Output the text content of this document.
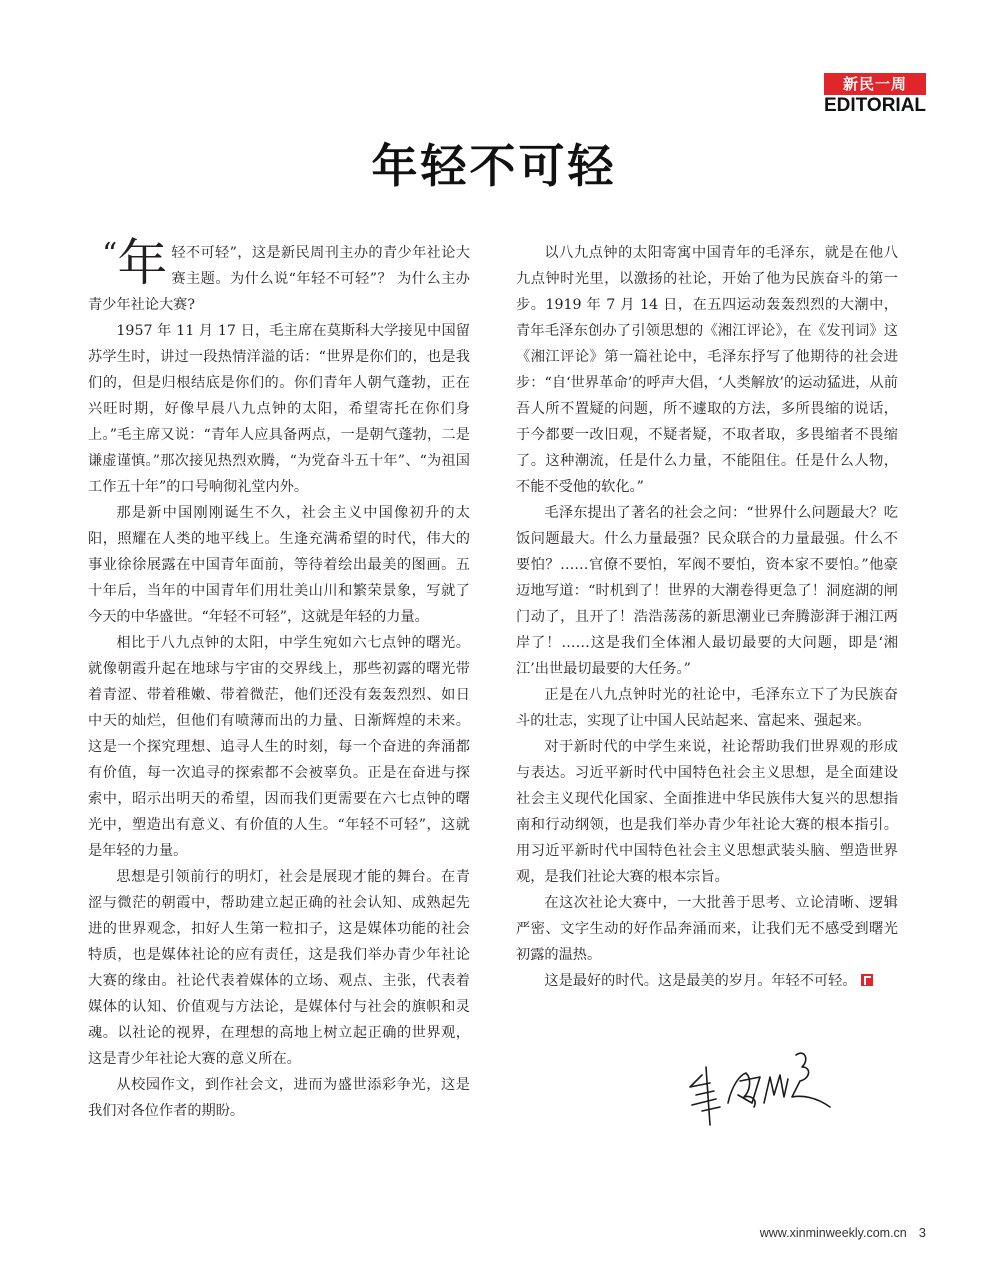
新民一周
EDITORIAL
年轻不可轻

“ 年 轻不可轻”，这是新民周刊主办的青少年社论大赛主题。为什么说“年轻不可轻”？ 为什么主办青少年社论大赛?

1957 年 11 月 17 日，毛主席在莫斯科大学接见中国留苏学生时，讲过一段热情洋溢的话：“世界是你们的，也是我们的，但是归根结底是你们的。你们青年人朝气蓬勃，正在兴旺时期，好像早晨八九点钟的太阳，希望寄托在你们身上。”毛主席又说：“青年人应具备两点，一是朝气蓬勃，二是谦虚谨慎。”那次接见热烈欢腾，“为党奋斗五十年”、“为祖国工作五十年”的口号响彻礼堂内外。

那是新中国刚刚诞生不久，社会主义中国像初升的太阳，照耀在人类的地平线上。生逢充满希望的时代，伟大的事业徐徐展露在中国青年面前，等待着绘出最美的图画。五十年后，当年的中国青年们用壮美山川和繁荣景象，写就了今天的中华盛世。“年轻不可轻”，这就是年轻的力量。

相比于八九点钟的太阳，中学生宛如六七点钟的曙光。就像朝霞升起在地球与宇宙的交界线上，那些初露的曙光带着青涩、带着稚嫩、带着微茫，他们还没有轰轰烈烈、如日中天的灿烂，但他们有喷薄而出的力量、日渐辉煌的未来。这是一个探究理想、追寻人生的时刻，每一个奋进的奔涌都有价值，每一次追寻的探索都不会被辜负。正是在奋进与探索中，昭示出明天的希望，因而我们更需要在六七点钟的曙光中，塑造出有意义、有价值的人生。“年轻不可轻”，这就是年轻的力量。

思想是引领前行的明灯，社会是展现才能的舞台。在青涩与微茫的朝霞中，帮助建立起正确的社会认知、成熟起先进的世界观念，扣好人生第一粒扣子，这是媒体功能的社会特质，也是媒体社论的应有责任，这是我们举办青少年社论大赛的缘由。社论代表着媒体的立场、观点、主张，代表着媒体的认知、价值观与方法论，是媒体付与社会的旗帜和灵魂。以社论的视界，在理想的高地上树立起正确的世界观，这是青少年社论大赛的意义所在。

从校园作文，到作社会文，进而为盛世添彩争光，这是我们对各位作者的期盼。

以八九点钟的太阳寄寓中国青年的毛泽东，就是在他八九点钟时光里，以激扬的社论，开始了他为民族奋斗的第一步。1919 年 7 月 14 日，在五四运动轰轰烈烈的大潮中，青年毛泽东创办了引领思想的《湘江评论》，在《发刊词》这《湘江评论》第一篇社论中，毛泽东抒写了他期待的社会进步：“自‘世界革命’的呼声大倡，‘人类解放’的运动猛进，从前吾人所不置疑的问题，所不遽取的方法，多所畏缩的说话，于今都要一改旧观，不疑者疑，不取者取，多畏缩者不畏缩了。这种潮流，任是什么力量，不能阻住。任是什么人物，不能不受他的软化。”

毛泽东提出了著名的社会之问：“世界什么问题最大？吃饭问题最大。什么力量最强？民众联合的力量最强。什么不要怕？……官僚不要怕，军阀不要怕，资本家不要怕。”他豪迈地写道：“时机到了！世界的大潮卷得更急了！洞庭湖的闸门动了，且开了！浩浩荡荡的新思潮业已奔腾澎湃于湘江两岸了！……这是我们全体湘人最切最要的大问题，即是‘湘江’出世最切最要的大任务。”

正是在八九点钟时光的社论中，毛泽东立下了为民族奋斗的壮志，实现了让中国人民站起来、富起来、强起来。

对于新时代的中学生来说，社论帮助我们世界观的形成与表达。习近平新时代中国特色社会主义思想，是全面建设社会主义现代化国家、全面推进中华民族伟大复兴的思想指南和行动纲领，也是我们举办青少年社论大赛的根本指引。用习近平新时代中国特色社会主义思想武装头脑、塑造世界观，是我们社论大赛的根本宗旨。

在这次社论大赛中，一大批善于思考、立论清晰、逻辑严密、文字生动的好作品奔涌而来，让我们无不感受到曙光初露的温热。

这是最好的时代。这是最美的岁月。年轻不可轻。

www.xinminweekly.com.cn 3
